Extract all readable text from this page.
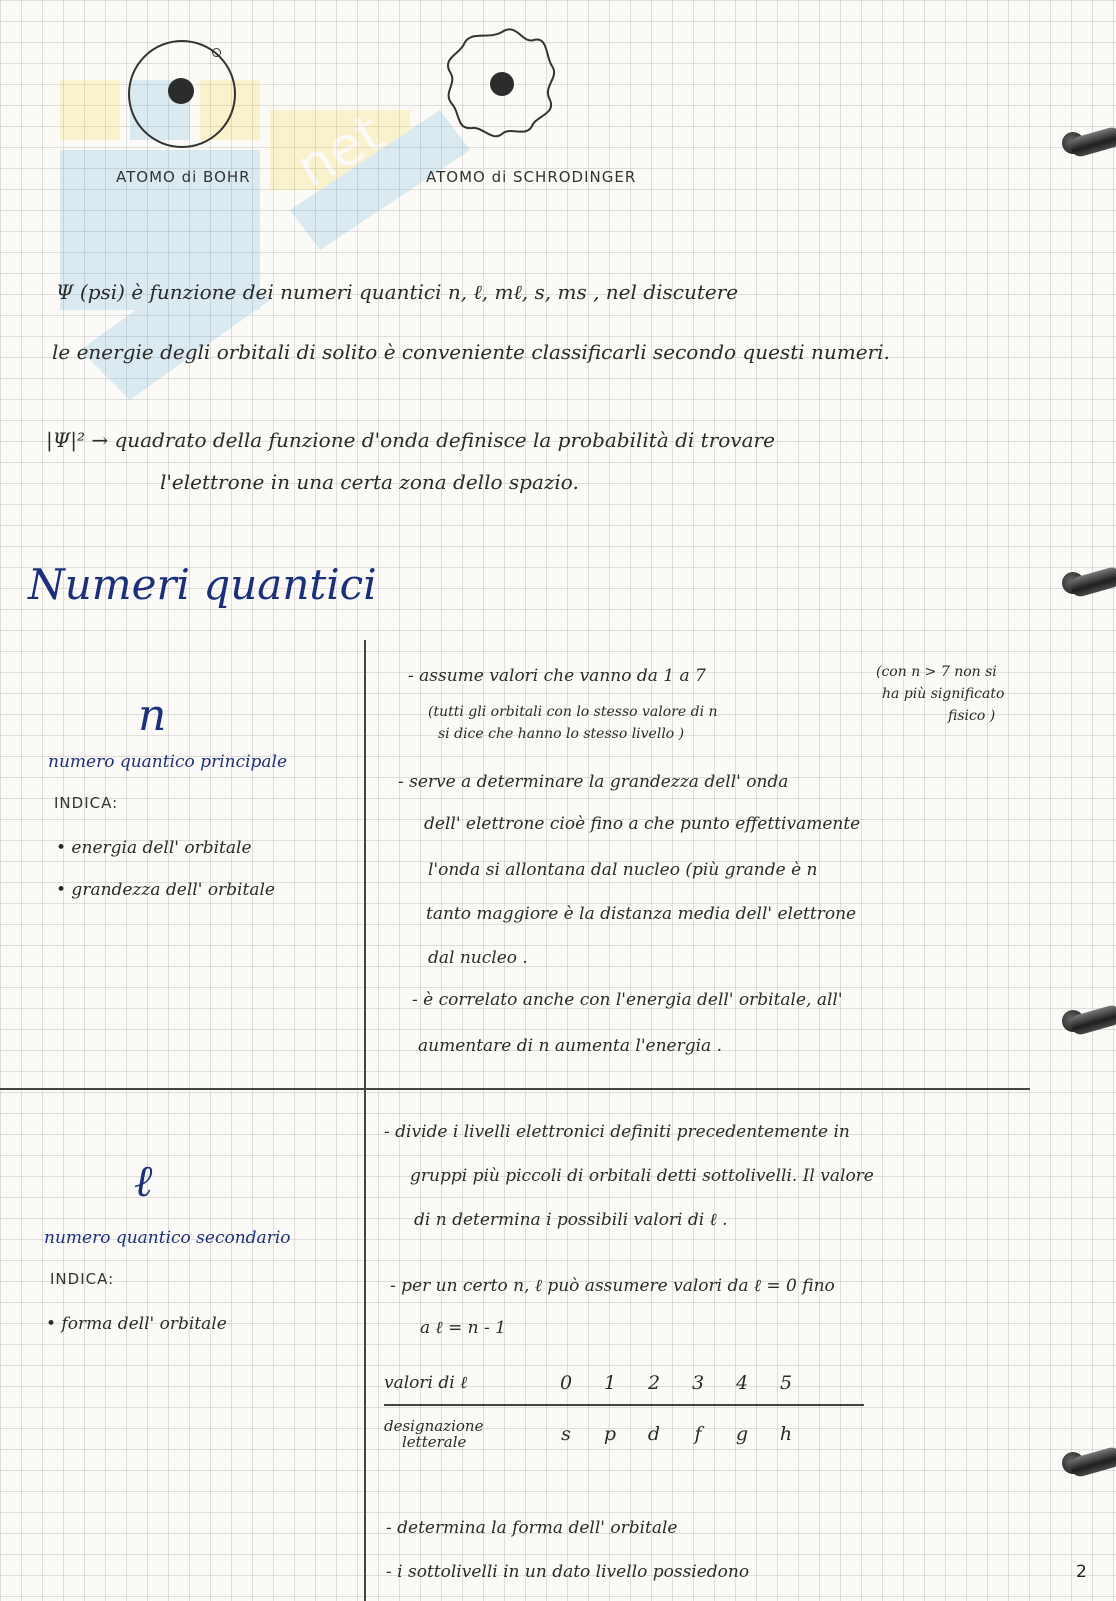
net
ATOMO di BOHR	ATOMO di SCHRODINGER
Ψ (psi) è funzione dei numeri quantici n, ℓ, mℓ, s, ms , nel discutere
le energie degli orbitali di solito è conveniente classificarli secondo questi numeri.
|Ψ|² → quadrato della funzione d'onda definisce la probabilità di trovare
l'elettrone in una certa zona dello spazio.
Numeri quantici
n
numero quantico principale
INDICA:
• energia dell' orbitale
• grandezza dell' orbitale
- assume valori che vanno da 1 a 7
(tutti gli orbitali con lo stesso valore di n
si dice che hanno lo stesso livello )
(con n > 7 non si
ha più significato
fisico )
- serve a determinare la grandezza dell' onda
dell' elettrone cioè fino a che punto effettivamente
l'onda si allontana dal nucleo (più grande è n
tanto maggiore è la distanza media dell' elettrone
dal nucleo .
- è correlato anche con l'energia dell' orbitale, all'
aumentare di n aumenta l'energia .
ℓ
numero quantico secondario
INDICA:
• forma dell' orbitale
- divide i livelli elettronici definiti precedentemente in
gruppi più piccoli di orbitali detti sottolivelli. Il valore
di n determina i possibili valori di ℓ .
- per un certo n, ℓ può assumere valori da ℓ = 0 fino
a ℓ = n - 1
valori di ℓ	0	1	2	3	4	5
designazione
letterale	s	p	d	f	g	h
- determina la forma dell' orbitale
- i sottolivelli in un dato livello possiedono	2
